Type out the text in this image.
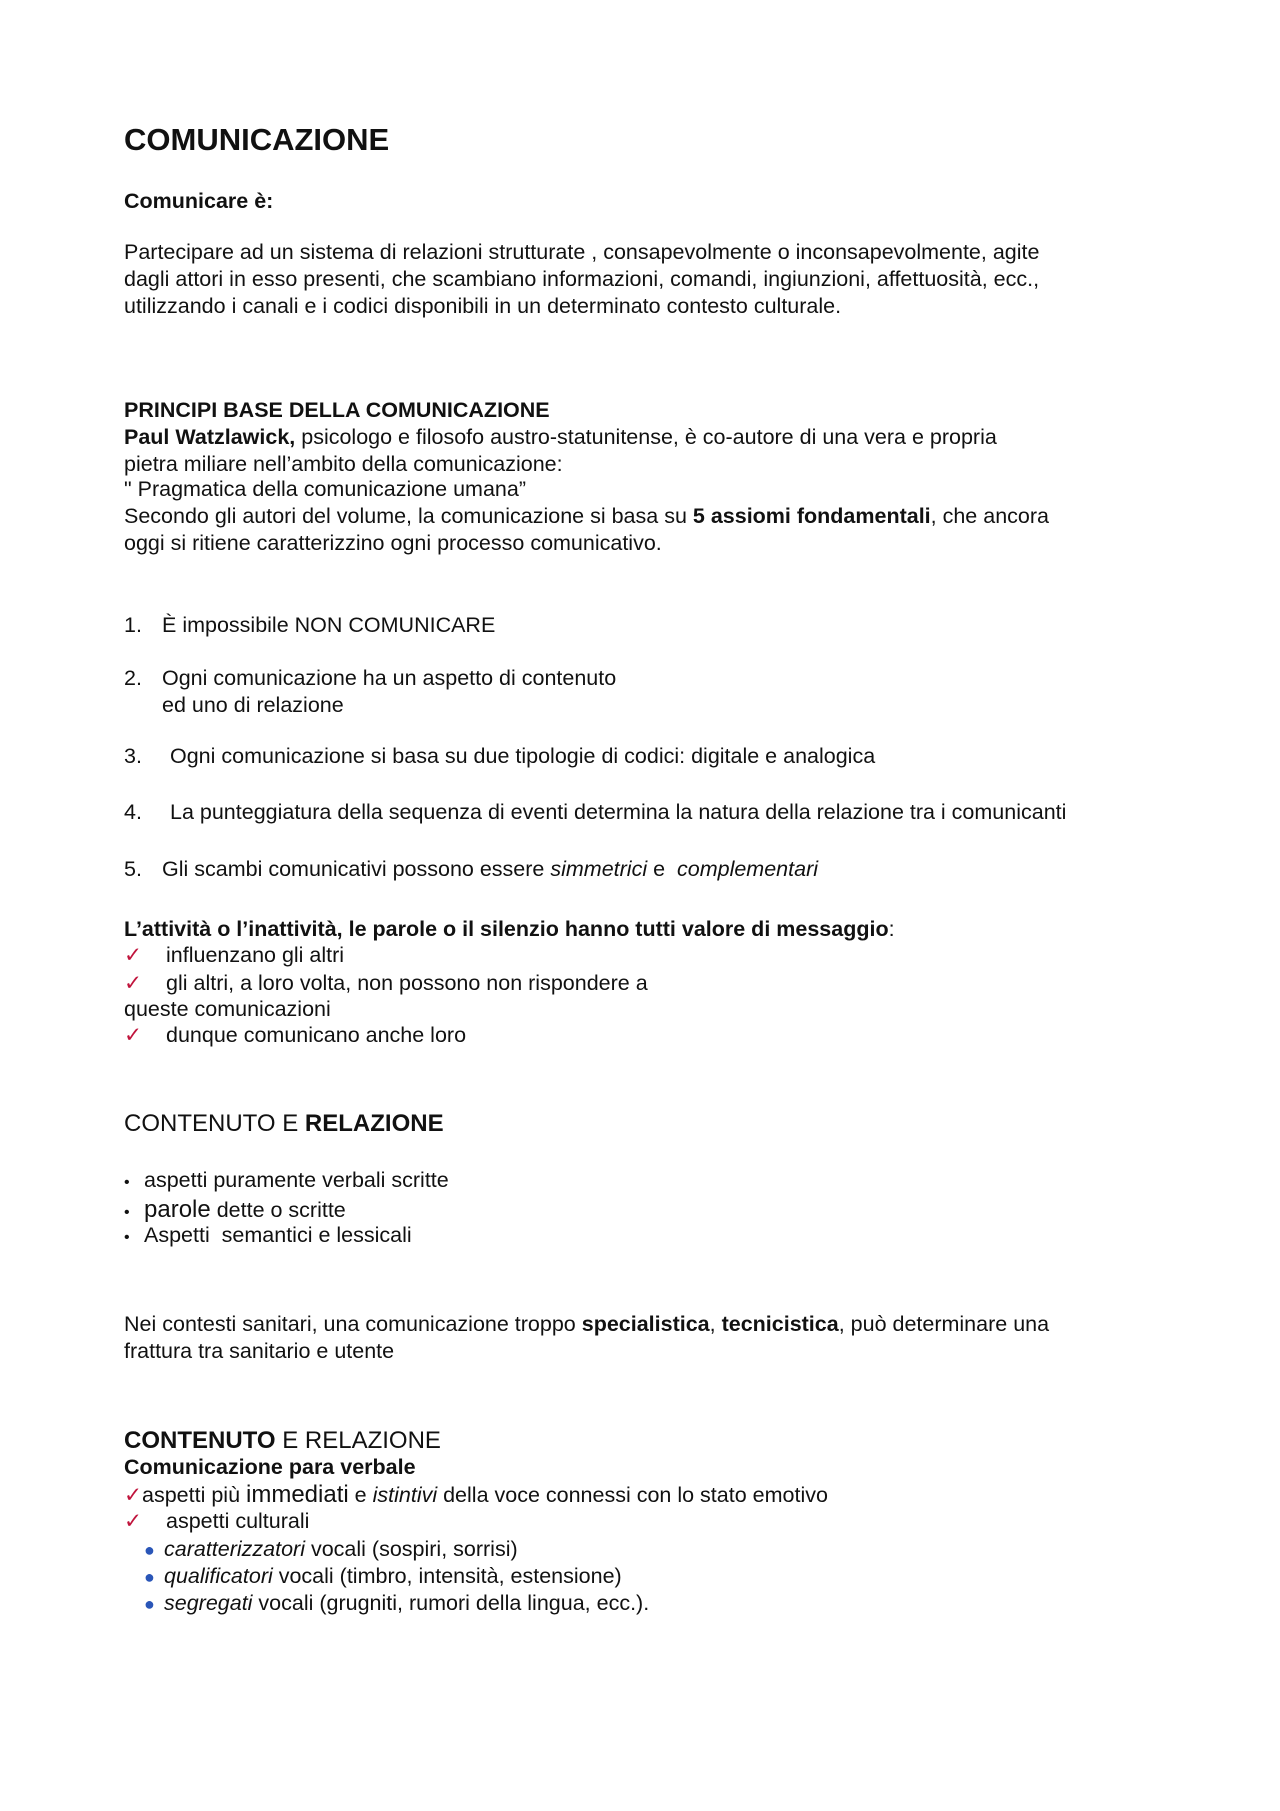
COMUNICAZIONE
Comunicare è:
Partecipare ad un sistema di relazioni strutturate , consapevolmente o inconsapevolmente, agite
dagli attori in esso presenti, che scambiano informazioni, comandi, ingiunzioni, affettuosità, ecc.,
utilizzando i canali e i codici disponibili in un determinato contesto culturale.
PRINCIPI BASE DELLA COMUNICAZIONE
Paul Watzlawick, psicologo e filosofo austro-statunitense, è co-autore di una vera e propria
pietra miliare nell’ambito della comunicazione:
" Pragmatica della comunicazione umana”
Secondo gli autori del volume, la comunicazione si basa su 5 assiomi fondamentali, che ancora
oggi si ritiene caratterizzino ogni processo comunicativo.
1. È impossibile NON COMUNICARE
2. Ogni comunicazione ha un aspetto di contenuto
ed uno di relazione
3. Ogni comunicazione si basa su due tipologie di codici: digitale e analogica
4. La punteggiatura della sequenza di eventi determina la natura della relazione tra i comunicanti
5. Gli scambi comunicativi possono essere simmetrici e  complementari
L’attività o l’inattività, le parole o il silenzio hanno tutti valore di messaggio:
✓ influenzano gli altri
✓ gli altri, a loro volta, non possono non rispondere a
queste comunicazioni
✓ dunque comunicano anche loro
CONTENUTO E RELAZIONE
• aspetti puramente verbali scritte
• parole dette o scritte
• Aspetti  semantici e lessicali
Nei contesti sanitari, una comunicazione troppo specialistica, tecnicistica, può determinare una
frattura tra sanitario e utente
CONTENUTO E RELAZIONE
Comunicazione para verbale
✓aspetti più immediati e istintivi della voce connessi con lo stato emotivo
✓ aspetti culturali
● caratterizzatori vocali (sospiri, sorrisi)
● qualificatori vocali (timbro, intensità, estensione)
● segregati vocali (grugniti, rumori della lingua, ecc.).
